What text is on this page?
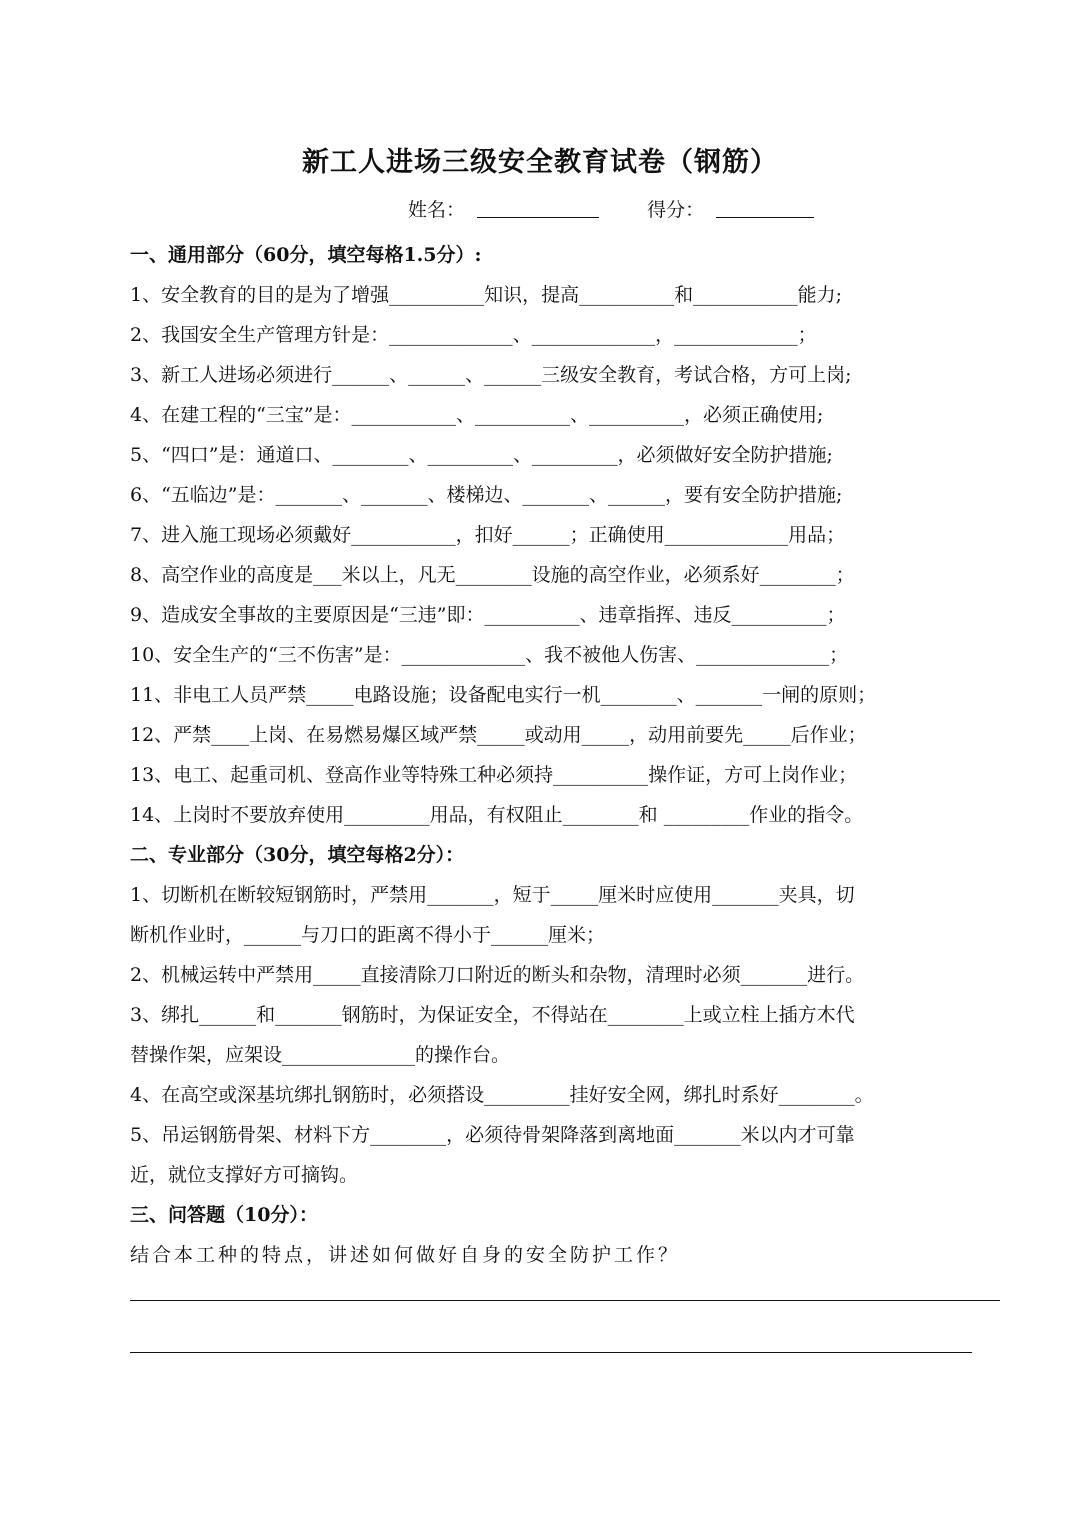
新工人进场三级安全教育试卷（钢筋）
姓名：	得分：
一、通用部分（60分，填空每格1.5分）:
1、安全教育的目的是为了增强__________知识，提高__________和___________能力;
2、我国安全生产管理方针是：_____________、_____________，_____________；
3、新工人进场必须进行______、______、______三级安全教育，考试合格，方可上岗;
4、在建工程的“三宝”是：___________、__________、__________，必须正确使用;
5、“四口”是：通道口、________、_________、_________，必须做好安全防护措施;
6、“五临边”是：_______、_______、楼梯边、_______、______，要有安全防护措施;
7、进入施工现场必须戴好___________，扣好______；正确使用_____________用品；
8、高空作业的高度是___米以上，凡无________设施的高空作业，必须系好________；
9、造成安全事故的主要原因是“三违”即：__________、违章指挥、违反__________；
10、安全生产的“三不伤害”是：_____________、我不被他人伤害、______________；
11、非电工人员严禁_____电路设施；设备配电实行一机________、_______一闸的原则；
12、严禁____上岗、在易燃易爆区域严禁_____或动用_____，动用前要先_____后作业；
13、电工、起重司机、登高作业等特殊工种必须持__________操作证，方可上岗作业；
14、上岗时不要放弃使用_________用品，有权阻止________和 _________作业的指令。
二、专业部分（30分，填空每格2分）：
1、切断机在断较短钢筋时，严禁用_______，短于_____厘米时应使用_______夹具，切
断机作业时，______与刀口的距离不得小于______厘米；
2、机械运转中严禁用_____直接清除刀口附近的断头和杂物，清理时必须_______进行。
3、绑扎______和_______钢筋时，为保证安全，不得站在________上或立柱上插方木代
替操作架，应架设______________的操作台。
4、在高空或深基坑绑扎钢筋时，必须搭设_________挂好安全网，绑扎时系好________。
5、吊运钢筋骨架、材料下方________，必须待骨架降落到离地面_______米以内才可靠
近，就位支撑好方可摘钩。
三、问答题（10分）：
结合本工种的特点，讲述如何做好自身的安全防护工作？
